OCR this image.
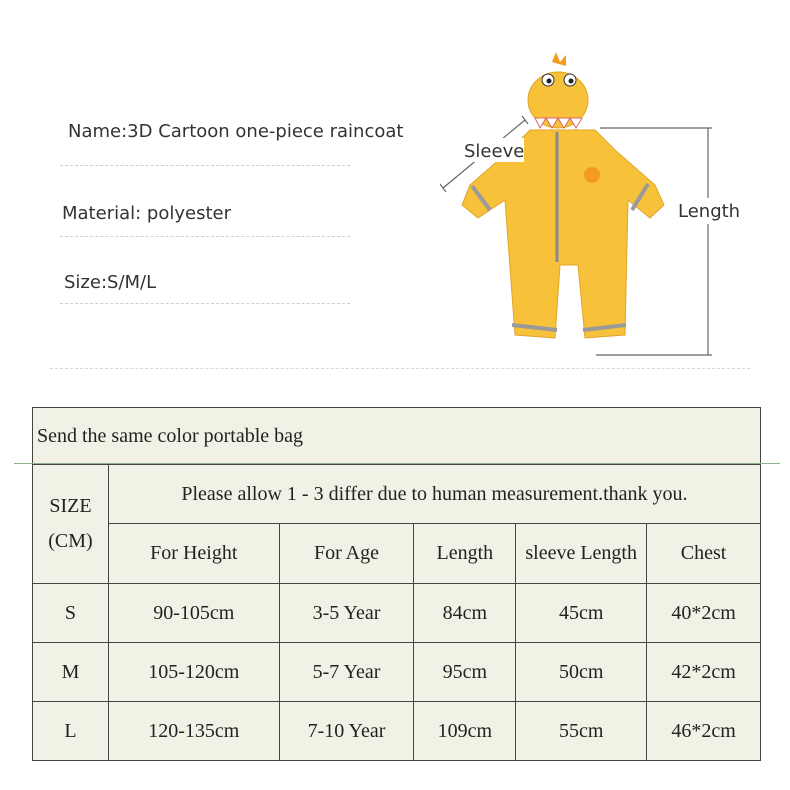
Name:3D Cartoon one-piece raincoat
Material: polyester
Size:S/M/L
Sleeve
Length
Send the same color portable bag					

SIZE
(CM)	Please allow 1 - 3 differ due to human measurement.thank you.				
	For Height	For Age	Length	sleeve Length	Chest
S	90-105cm	3-5 Year	84cm	45cm	40*2cm
M	105-120cm	5-7 Year	95cm	50cm	42*2cm
L	120-135cm	7-10 Year	109cm	55cm	46*2cm
